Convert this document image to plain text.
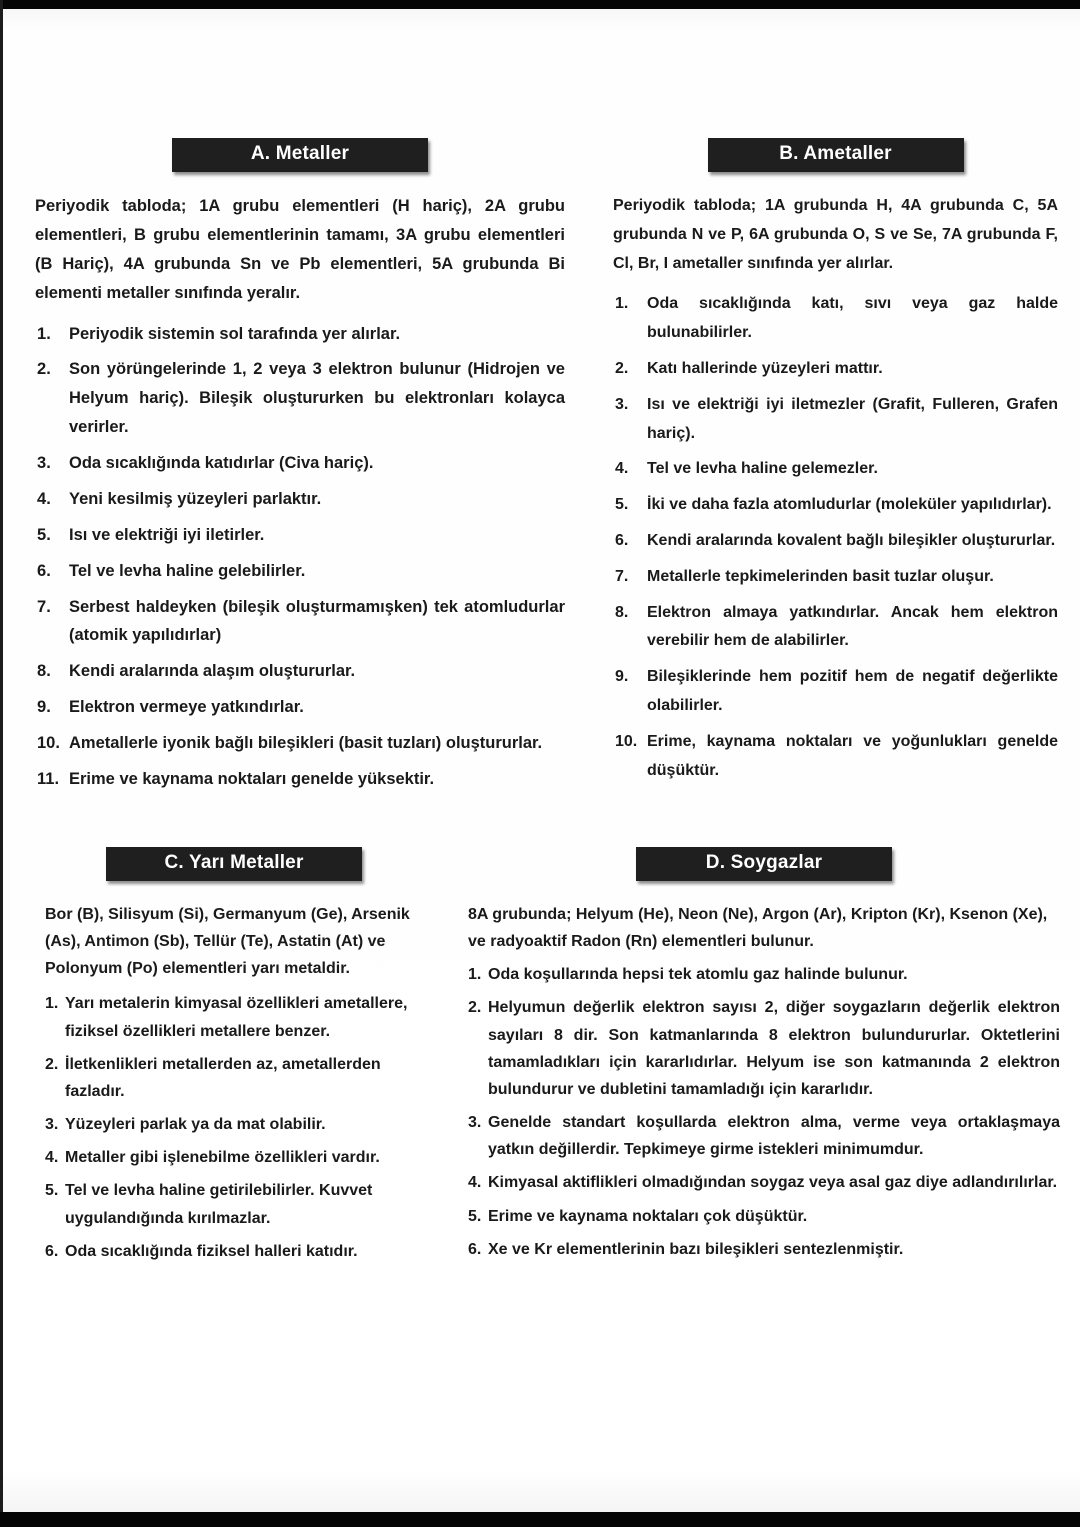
A. Metaller

Periyodik tabloda; 1A grubu elementleri (H hariç), 2A grubu elementleri, B grubu elementlerinin tamamı, 3A grubu elementleri (B Hariç), 4A grubunda Sn ve Pb elementleri, 5A grubunda Bi elementi metaller sınıfında yeralır.

Periyodik sistemin sol tarafında yer alırlar.
Son yörüngelerinde 1, 2 veya 3 elektron bulunur (Hidrojen ve Helyum hariç). Bileşik oluştururken bu elektronları kolayca verirler.
Oda sıcaklığında katıdırlar (Civa hariç).
Yeni kesilmiş yüzeyleri parlaktır.
Isı ve elektriği iyi iletirler.
Tel ve levha haline gelebilirler.
Serbest haldeyken (bileşik oluşturmamışken) tek atomludurlar (atomik yapılıdırlar)
Kendi aralarında alaşım oluştururlar.
Elektron vermeye yatkındırlar.
Ametallerle iyonik bağlı bileşikleri (basit tuzları) oluştururlar.
Erime ve kaynama noktaları genelde yüksektir.
B. Ametaller

Periyodik tabloda; 1A grubunda H, 4A grubunda C, 5A grubunda N ve P, 6A grubunda O, S ve Se, 7A grubunda F, Cl, Br, I ametaller sınıfında yer alırlar.

Oda sıcaklığında katı, sıvı veya gaz halde bulunabilirler.
Katı hallerinde yüzeyleri mattır.
Isı ve elektriği iyi iletmezler (Grafit, Fulleren, Grafen hariç).
Tel ve levha haline gelemezler.
İki ve daha fazla atomludurlar (moleküler yapılıdırlar).
Kendi aralarında kovalent bağlı bileşikler oluştururlar.
Metallerle tepkimelerinden basit tuzlar oluşur.
Elektron almaya yatkındırlar. Ancak hem elektron verebilir hem de alabilirler.
Bileşiklerinde hem pozitif hem de negatif değerlikte olabilirler.
Erime, kaynama noktaları ve yoğunlukları genelde düşüktür.
C. Yarı Metaller

Bor (B), Silisyum (Si), Germanyum (Ge), Arsenik (As), Antimon (Sb), Tellür (Te), Astatin (At) ve Polonyum (Po) elementleri yarı metaldir.

Yarı metalerin kimyasal özellikleri ametallere, fiziksel özellikleri metallere benzer.
İletkenlikleri metallerden az, ametallerden fazladır.
Yüzeyleri parlak ya da mat olabilir.
Metaller gibi işlenebilme özellikleri vardır.
Tel ve levha haline getirilebilirler. Kuvvet uygulandığında kırılmazlar.
Oda sıcaklığında fiziksel halleri katıdır.
D. Soygazlar

8A grubunda; Helyum (He), Neon (Ne), Argon (Ar), Kripton (Kr), Ksenon (Xe), ve radyoaktif Radon (Rn) elementleri bulunur.

Oda koşullarında hepsi tek atomlu gaz halinde bulunur.
Helyumun değerlik elektron sayısı 2, diğer soygazların değerlik elektron sayıları 8 dir. Son katmanlarında 8 elektron bulundururlar. Oktetlerini tamamladıkları için kararlıdırlar. Helyum ise son katmanında 2 elektron bulundurur ve dubletini tamamladığı için kararlıdır.
Genelde standart koşullarda elektron alma, verme veya ortaklaşmaya yatkın değillerdir. Tepkimeye girme istekleri minimumdur.
Kimyasal aktiflikleri olmadığından soygaz veya asal gaz diye adlandırılırlar.
Erime ve kaynama noktaları çok düşüktür.
Xe ve Kr elementlerinin bazı bileşikleri sentezlenmiştir.
